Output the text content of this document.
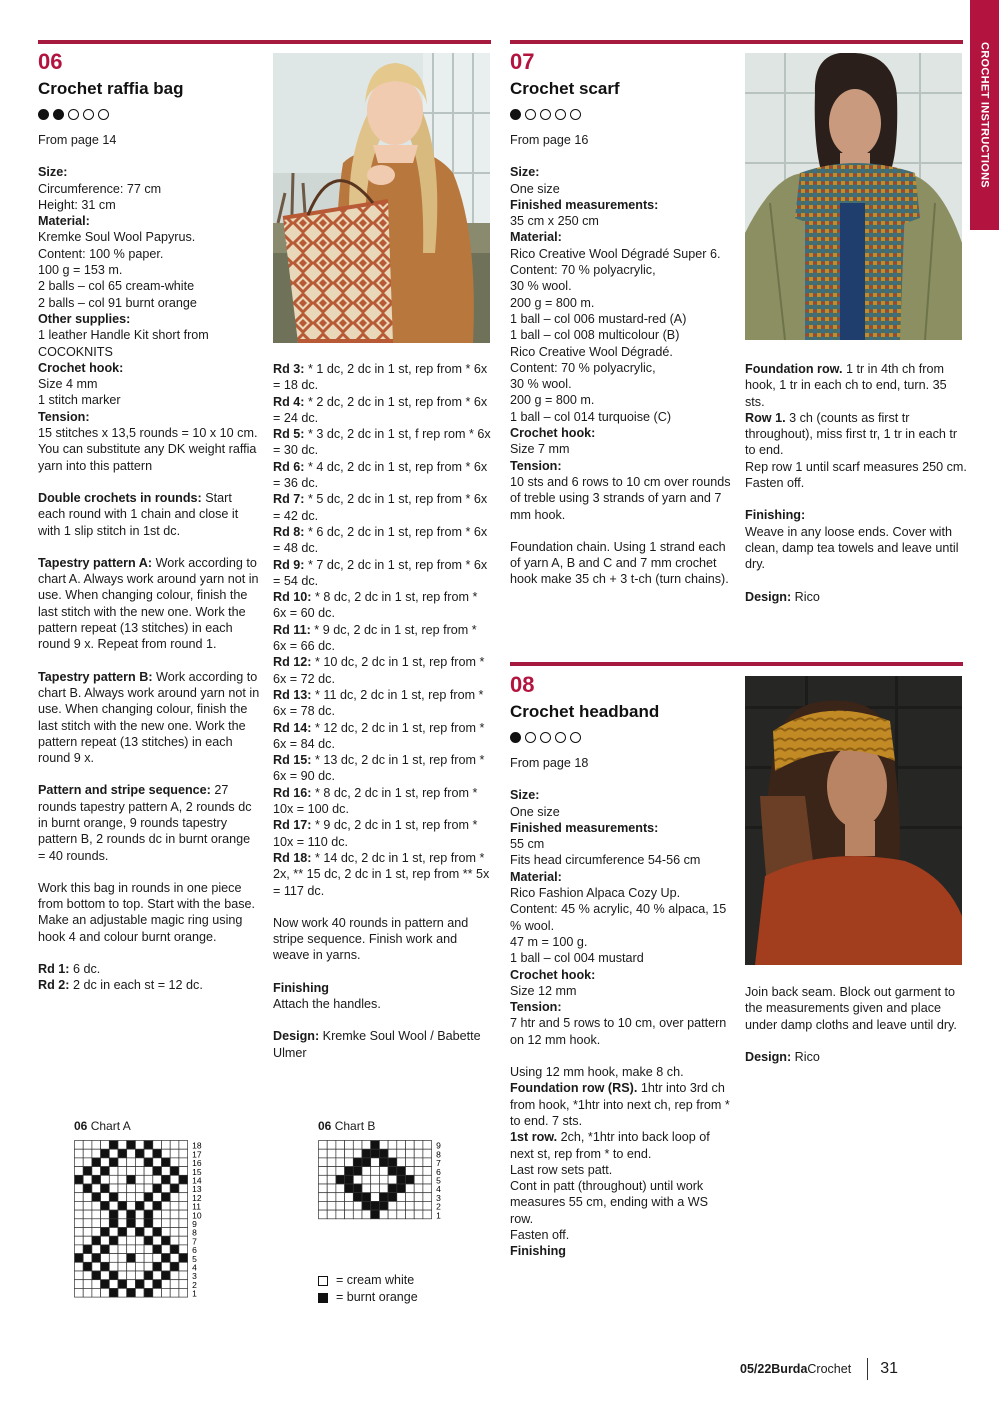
CROCHET INSTRUCTIONS
06
Crochet raffia bag

From page 14

Size:

Circumference: 77 cm

Height: 31 cm

Material:

Kremke Soul Wool Papyrus.

Content: 100 % paper.

100 g = 153 m.

2 balls – col 65 cream-white

2 balls – col 91 burnt orange

Other supplies:

1 leather Handle Kit short from COCOKNITS

Crochet hook:

Size 4 mm

1 stitch marker

Tension:

15 stitches x 13,5 rounds = 10 x 10 cm.

You can substitute any DK weight raffia yarn into this pattern

Double crochets in rounds: Start each round with 1 chain and close it with 1 slip stitch in 1st dc.

Tapestry pattern A: Work according to chart A. Always work around yarn not in use. When changing colour, finish the last stitch with the new one. Work the pattern repeat (13 stitches) in each round 9 x. Repeat from round 1.

Tapestry pattern B: Work according to chart B. Always work around yarn not in use. When changing colour, finish the last stitch with the new one. Work the pattern repeat (13 stitches) in each round 9 x.

Pattern and stripe sequence: 27 rounds tapestry pattern A, 2 rounds dc in burnt orange, 9 rounds tapestry pattern B, 2 rounds dc in burnt orange = 40 rounds.

Work this bag in rounds in one piece from bottom to top. Start with the base.

Make an adjustable magic ring using hook 4 and colour burnt orange.

Rd 1: 6 dc.

Rd 2: 2 dc in each st = 12 dc.

Rd 3: * 1 dc, 2 dc in 1 st, rep from * 6x = 18 dc.

Rd 4: * 2 dc, 2 dc in 1 st, rep from * 6x = 24 dc.

Rd 5: * 3 dc, 2 dc in 1 st, f rep rom * 6x = 30 dc.

Rd 6: * 4 dc, 2 dc in 1 st, rep from * 6x = 36 dc.

Rd 7: * 5 dc, 2 dc in 1 st, rep from * 6x = 42 dc.

Rd 8: * 6 dc, 2 dc in 1 st, rep from * 6x = 48 dc.

Rd 9: * 7 dc, 2 dc in 1 st, rep from * 6x = 54 dc.

Rd 10: * 8 dc, 2 dc in 1 st, rep from * 6x = 60 dc.

Rd 11: * 9 dc, 2 dc in 1 st, rep from * 6x = 66 dc.

Rd 12: * 10 dc, 2 dc in 1 st, rep from * 6x = 72 dc.

Rd 13: * 11 dc, 2 dc in 1 st, rep from * 6x = 78 dc.

Rd 14: * 12 dc, 2 dc in 1 st, rep from * 6x = 84 dc.

Rd 15: * 13 dc, 2 dc in 1 st, rep from * 6x = 90 dc.

Rd 16: * 8 dc, 2 dc in 1 st, rep from * 10x = 100 dc.

Rd 17: * 9 dc, 2 dc in 1 st, rep from * 10x = 110 dc.

Rd 18: * 14 dc, 2 dc in 1 st, rep from * 2x, ** 15 dc, 2 dc in 1 st, rep from ** 5x = 117 dc.

Now work 40 rounds in pattern and stripe sequence. Finish work and weave in yarns.

Finishing

Attach the handles.

Design: Kremke Soul Wool / Babette Ulmer

06 Chart A
18
17
16
15
14
13
12
11
10
9
8
7
6
5
4
3
2
1
06 Chart B
9
8
7
6
5
4
3
2
1
= cream white
= burnt orange
07
Crochet scarf

From page 16

Size:

One size

Finished measurements:

35 cm x 250 cm

Material:

Rico Creative Wool Dégradé Super 6.

Content: 70 % polyacrylic,

30 % wool.

200 g = 800 m.

1 ball – col 006 mustard-red (A)

1 ball – col 008 multicolour (B)

Rico Creative Wool Dégradé.

Content: 70 % polyacrylic,

30 % wool.

200 g = 800 m.

1 ball – col 014 turquoise (C)

Crochet hook:

Size 7 mm

Tension:

10 sts and 6 rows to 10 cm over rounds of treble using 3 strands of yarn and 7 mm hook.

Foundation chain. Using 1 strand each of yarn A, B and C and 7 mm crochet hook make 35 ch + 3 t-ch (turn chains).

Foundation row. 1 tr in 4th ch from hook, 1 tr in each ch to end, turn. 35 sts.

Row 1. 3 ch (counts as first tr throughout), miss first tr, 1 tr in each tr to end.

Rep row 1 until scarf measures 250 cm. Fasten off.

Finishing:

Weave in any loose ends. Cover with clean, damp tea towels and leave until dry.

Design: Rico

08
Crochet headband

From page 18

Size:

One size

Finished measurements:

55 cm

Fits head circumference 54-56 cm

Material:

Rico Fashion Alpaca Cozy Up.

Content: 45 % acrylic, 40 % alpaca, 15 % wool.

47 m = 100 g.

1 ball – col 004 mustard

Crochet hook:

Size 12 mm

Tension:

7 htr and 5 rows to 10 cm, over pattern on 12 mm hook.

Using 12 mm hook, make 8 ch.

Foundation row (RS). 1htr into 3rd ch from hook, *1htr into next ch, rep from * to end. 7 sts.

1st row. 2ch, *1htr into back loop of next st, rep from * to end.

Last row sets patt.

Cont in patt (throughout) until work measures 55 cm, ending with a WS row.

Fasten off.

Finishing

Join back seam. Block out garment to the measurements given and place under damp cloths and leave until dry.

Design: Rico

05/22 Burda Crochet 31
